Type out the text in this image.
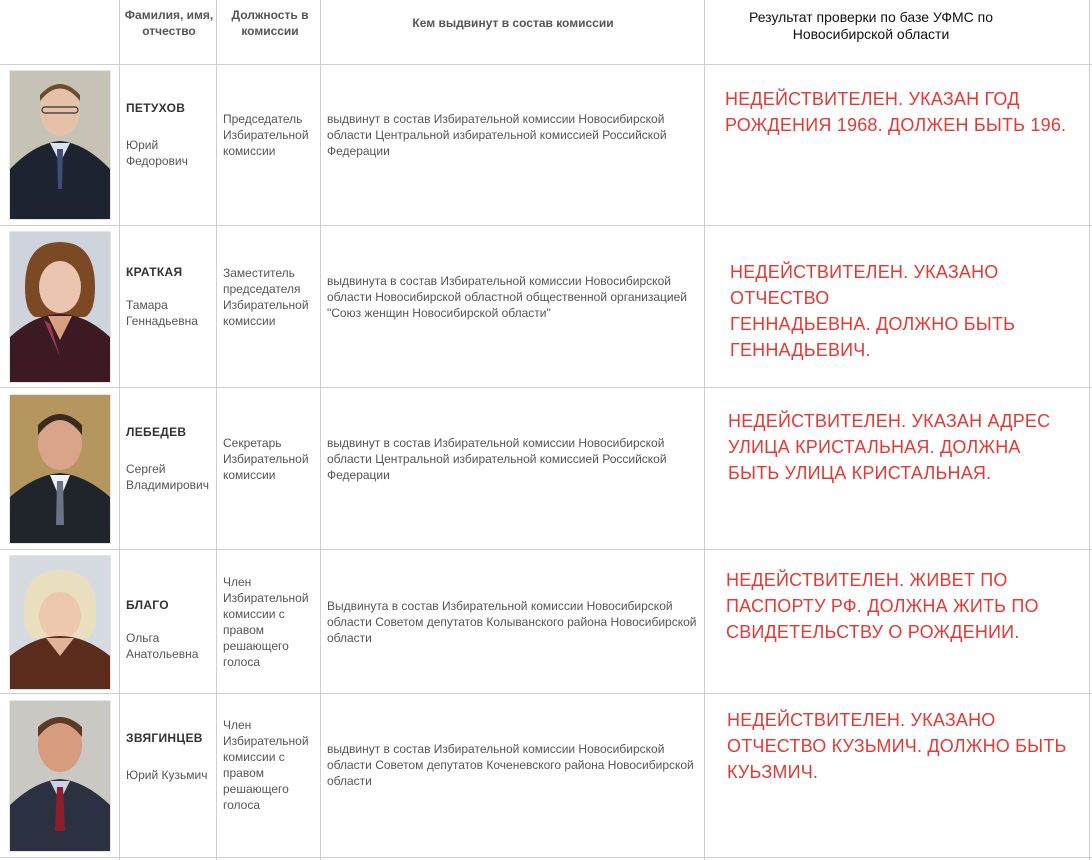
Фамилия, имя, отчество
Должность в комиссии
Кем выдвинут в состав комиссии	Результат проверки по базе УФМС по Новосибирской области
ПЕТУХОВ
Юрий Федорович
Председатель Избирательной комиссии
выдвинут в состав Избирательной комиссии Новосибирской области Центральной избирательной комиссией Российской Федерации
НЕДЕЙСТВИТЕЛЕН. УКАЗАН ГОД
РОЖДЕНИЯ 1968. ДОЛЖЕН БЫТЬ 196.
КРАТКАЯ
Тамара Геннадьевна
Заместитель председателя Избирательной комиссии
выдвинута в состав Избирательной комиссии Новосибирской области Новосибирской областной общественной организацией "Союз женщин Новосибирской области"
НЕДЕЙСТВИТЕЛЕН. УКАЗАНО ОТЧЕСТВО
ГЕННАДЬЕВНА. ДОЛЖНО БЫТЬ
ГЕННАДЬЕВИЧ.
ЛЕБЕДЕВ
Сергей Владимирович
Секретарь Избирательной комиссии
выдвинут в состав Избирательной комиссии Новосибирской области Центральной избирательной комиссией Российской Федерации
НЕДЕЙСТВИТЕЛЕН. УКАЗАН АДРЕС
УЛИЦА КРИСТАЛЬНАЯ. ДОЛЖНА
БЫТЬ УЛИЦА КРИСТАЛЬНАЯ.
БЛАГО
Ольга Анатольевна
Член Избирательной комиссии с правом решающего голоса
Выдвинута в состав Избирательной комиссии Новосибирской области Советом депутатов Колыванского района Новосибирской области
НЕДЕЙСТВИТЕЛЕН. ЖИВЕТ ПО
ПАСПОРТУ РФ. ДОЛЖНА ЖИТЬ ПО
СВИДЕТЕЛЬСТВУ О РОЖДЕНИИ.
ЗВЯГИНЦЕВ
Юрий Кузьмич
Член Избирательной комиссии с правом решающего голоса
выдвинут в состав Избирательной комиссии Новосибирской области Советом депутатов Коченевского района Новосибирской области
НЕДЕЙСТВИТЕЛЕН. УКАЗАНО
ОТЧЕСТВО КУЗЬМИЧ. ДОЛЖНО БЫТЬ
КУЬЗМИЧ.
